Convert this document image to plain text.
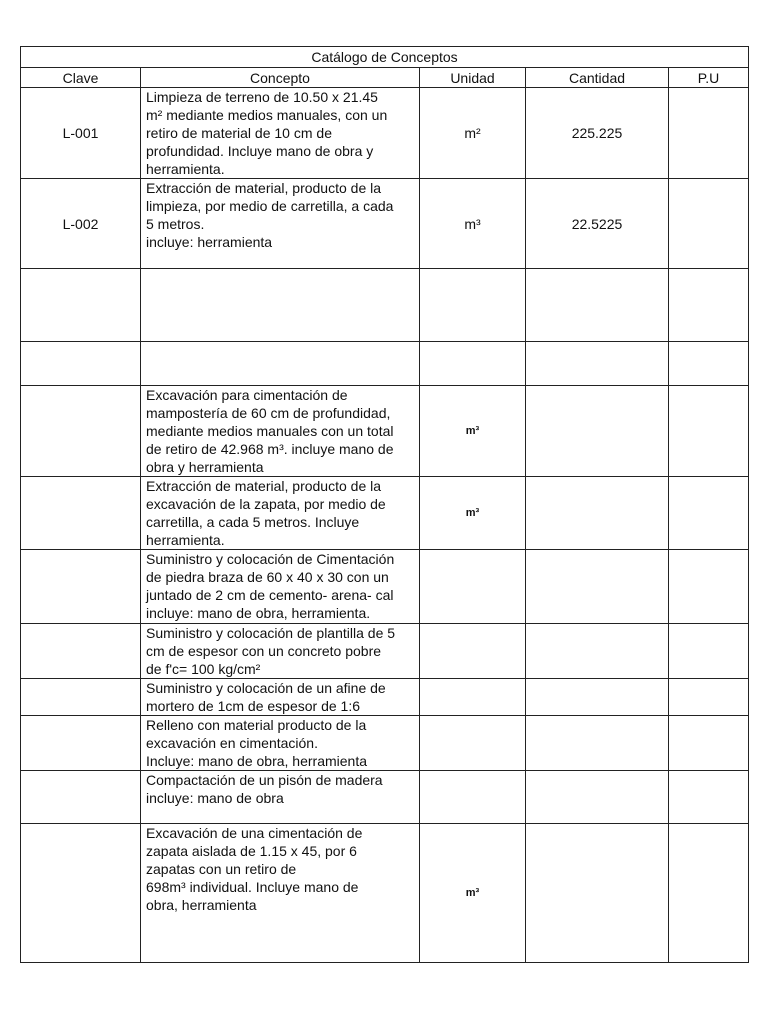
Catálogo de Conceptos				
Clave	Concepto	Unidad	Cantidad	P.U
L-001	Limpieza de terreno de 10.50 x 21.45
m² mediante medios manuales, con un
retiro de material de 10 cm de
profundidad. Incluye mano de obra y
herramienta.	m²	225.225	
L-002	Extracción de material, producto de la
limpieza, por medio de carretilla, a cada
5 metros.
incluye: herramienta	m³	22.5225	

	Excavación para cimentación de
mampostería de 60 cm de profundidad,
mediante medios manuales con un total
de retiro de 42.968 m³. incluye mano de
obra y herramienta	m³		
	Extracción de material, producto de la
excavación de la zapata, por medio de
carretilla, a cada 5 metros. Incluye
herramienta.	m³		
	Suministro y colocación de Cimentación
de piedra braza de 60 x 40 x 30 con un
juntado de 2 cm de cemento- arena- cal
incluye: mano de obra, herramienta.			
	Suministro y colocación de plantilla de 5
cm de espesor con un concreto pobre
de f'c= 100 kg/cm²			
	Suministro y colocación de un afine de
mortero de 1cm de espesor de 1:6			
	Relleno con material producto de la
excavación en cimentación.
Incluye: mano de obra, herramienta			
	Compactación de un pisón de madera
incluye: mano de obra			
	Excavación de una cimentación de
zapata aislada de 1.15 x 45, por 6
zapatas con un retiro de
698m³ individual. Incluye mano de
obra, herramienta	m³		
